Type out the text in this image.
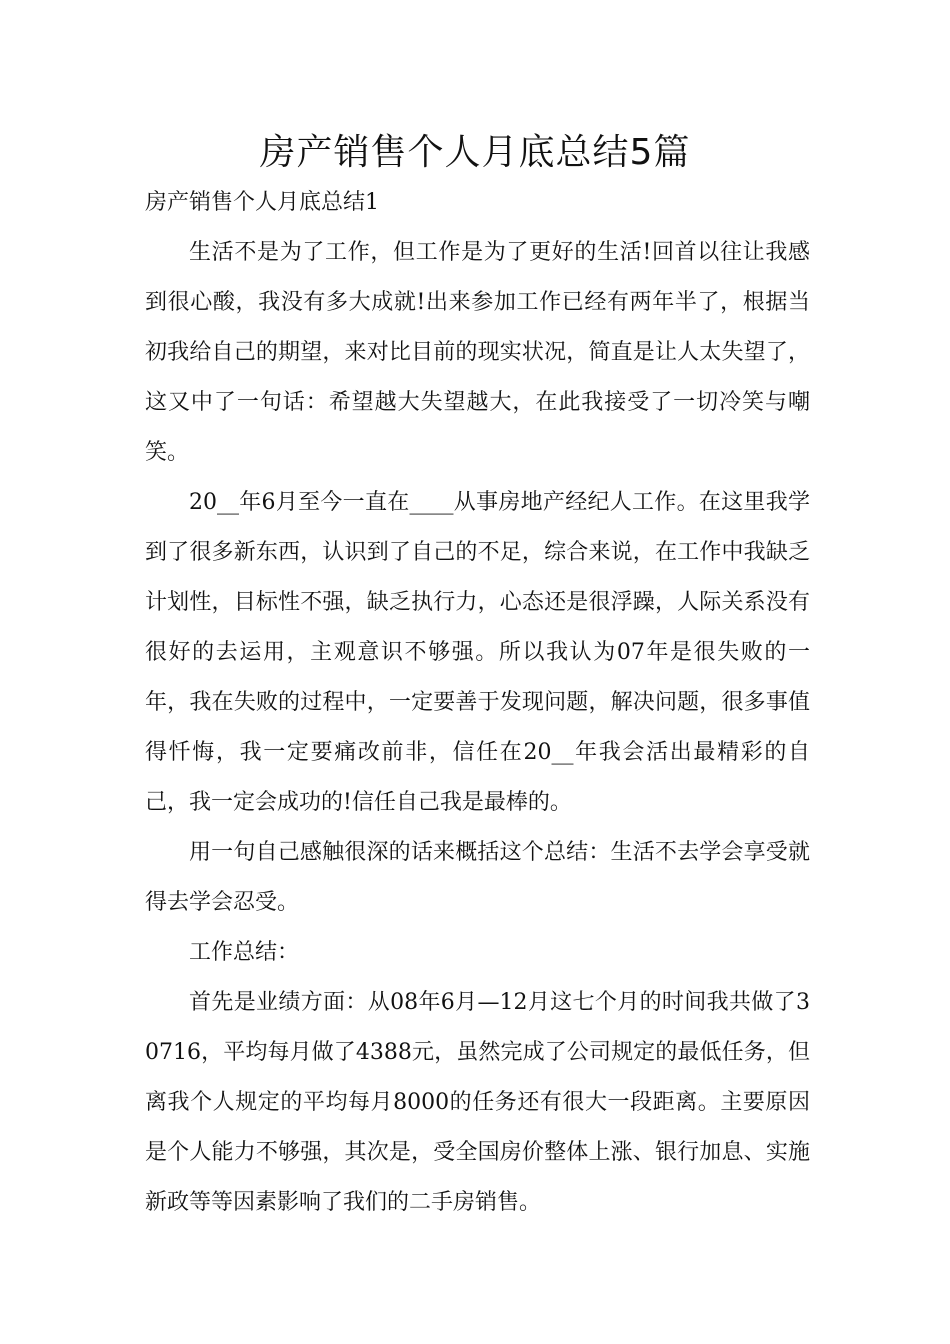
房产销售个人月底总结5篇

房产销售个人月底总结1

生活不是为了工作，但工作是为了更好的生活!回首以往让我感到很心酸，我没有多大成就!出来参加工作已经有两年半了，根据当初我给自己的期望，来对比目前的现实状况，简直是让人太失望了，这又中了一句话：希望越大失望越大，在此我接受了一切冷笑与嘲笑。

20__年6月至今一直在____从事房地产经纪人工作。在这里我学到了很多新东西，认识到了自己的不足，综合来说，在工作中我缺乏计划性，目标性不强，缺乏执行力，心态还是很浮躁，人际关系没有很好的去运用，主观意识不够强。所以我认为07年是很失败的一年，我在失败的过程中，一定要善于发现问题，解决问题，很多事值得忏悔，我一定要痛改前非，信任在20__年我会活出最精彩的自己，我一定会成功的!信任自己我是最棒的。

用一句自己感触很深的话来概括这个总结：生活不去学会享受就得去学会忍受。

工作总结：

首先是业绩方面：从08年6月—12月这七个月的时间我共做了30716，平均每月做了4388元，虽然完成了公司规定的最低任务，但离我个人规定的平均每月8000的任务还有很大一段距离。主要原因是个人能力不够强，其次是，受全国房价整体上涨、银行加息、实施新政等等因素影响了我们的二手房销售。
